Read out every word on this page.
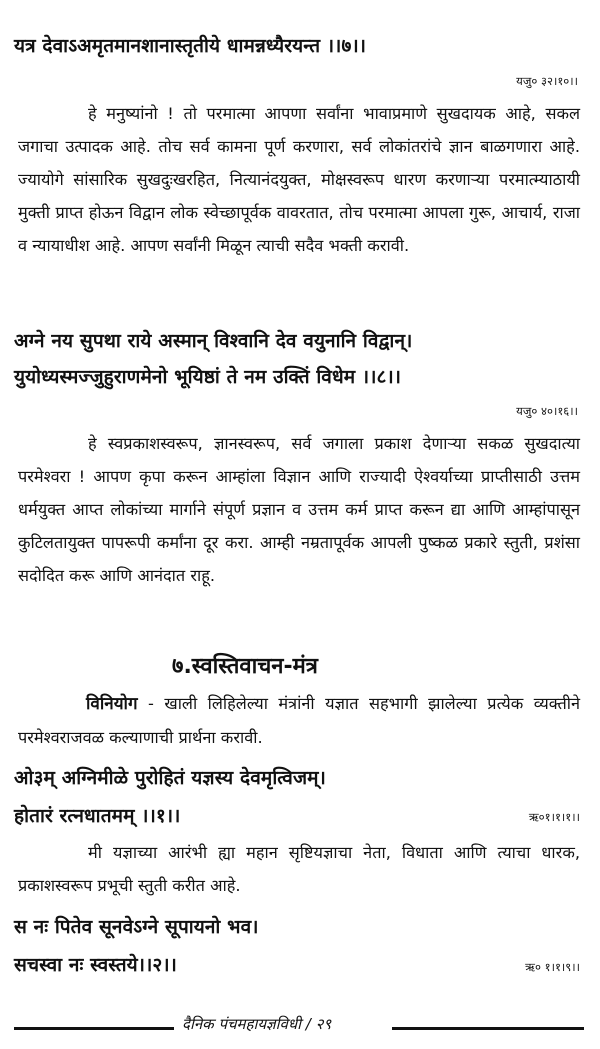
यत्र देवाऽअमृतमानशानास्तृतीये धामन्नध्यैरयन्त ।।७।।
यजु० ३२।१०।।

हे मनुष्यांनो ! तो परमात्मा आपणा सर्वांना भावाप्रमाणे सुखदायक आहे, सकल जगाचा उत्पादक आहे. तोच सर्व कामना पूर्ण करणारा, सर्व लोकांतरांचे ज्ञान बाळगणारा आहे. ज्यायोगे सांसारिक सुखदुःखरहित, नित्यानंदयुक्त, मोक्षस्वरूप धारण करणाऱ्या परमात्म्याठायी मुक्ती प्राप्त होऊन विद्वान लोक स्वेच्छापूर्वक वावरतात, तोच परमात्मा आपला गुरू, आचार्य, राजा व न्यायाधीश आहे. आपण सर्वांनी मिळून त्याची सदैव भक्ती करावी.

अग्ने नय सुपथा राये अस्मान् विश्वानि देव वयुनानि विद्वान्।
युयोध्यस्मज्जुहुराणमेनो भूयिष्ठां ते नम उक्तिं विधेम ।।८।।
यजु० ४०।१६।।

हे स्वप्रकाशस्वरूप, ज्ञानस्वरूप, सर्व जगाला प्रकाश देणाऱ्या सकळ सुखदात्या परमेश्वरा ! आपण कृपा करून आम्हांला विज्ञान आणि राज्यादी ऐश्वर्याच्या प्राप्तीसाठी उत्तम धर्मयुक्त आप्त लोकांच्या मार्गाने संपूर्ण प्रज्ञान व उत्तम कर्म प्राप्त करून द्या आणि आम्हांपासून कुटिलतायुक्त पापरूपी कर्मांना दूर करा. आम्ही नम्रतापूर्वक आपली पुष्कळ प्रकारे स्तुती, प्रशंसा सदोदित करू आणि आनंदात राहू.

७.स्वस्तिवाचन-मंत्र

विनियोग - खाली लिहिलेल्या मंत्रांनी यज्ञात सहभागी झालेल्या प्रत्येक व्यक्तीने परमेश्वराजवळ कल्याणाची प्रार्थना करावी.

ओ३म् अग्निमीळे पुरोहितं यज्ञस्य देवमृत्विजम्।
होतारं रत्नधातमम् ।।१।।	ऋ०१।१।१।।

मी यज्ञाच्या आरंभी ह्या महान सृष्टियज्ञाचा नेता, विधाता आणि त्याचा धारक, प्रकाशस्वरूप प्रभूची स्तुती करीत आहे.

स नः पितेव सूनवेऽग्ने सूपायनो भव।
सचस्वा नः स्वस्तये।।२।।	ऋ० १।१।९।।
दैनिक पंचमहायज्ञविधी / २९
